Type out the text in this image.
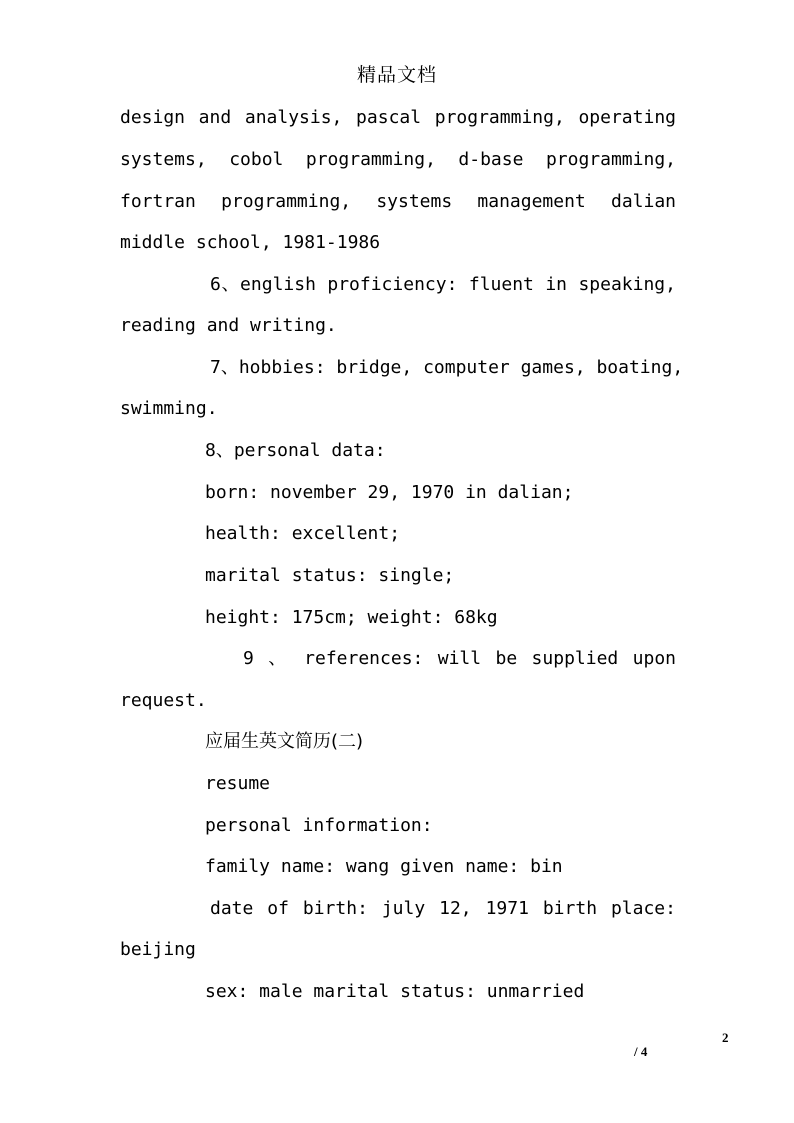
精品文档
design and analysis, pascal programming, operating
systems, cobol programming, d-base programming,
fortran programming, systems management dalian
middle school, 1981-1986
6、english proficiency: fluent in speaking,
reading and writing.
7、hobbies: bridge, computer games, boating,
swimming.
8、personal data:
born: november 29, 1970 in dalian;
health: excellent;
marital status: single;
height: 175cm; weight: 68kg
9 、 references: will be supplied upon
request.
应届生英文简历(二)
resume
personal information:
family name: wang given name: bin
date of birth: july 12, 1971 birth place:
beijing
sex: male marital status: unmarried
2
/ 4
